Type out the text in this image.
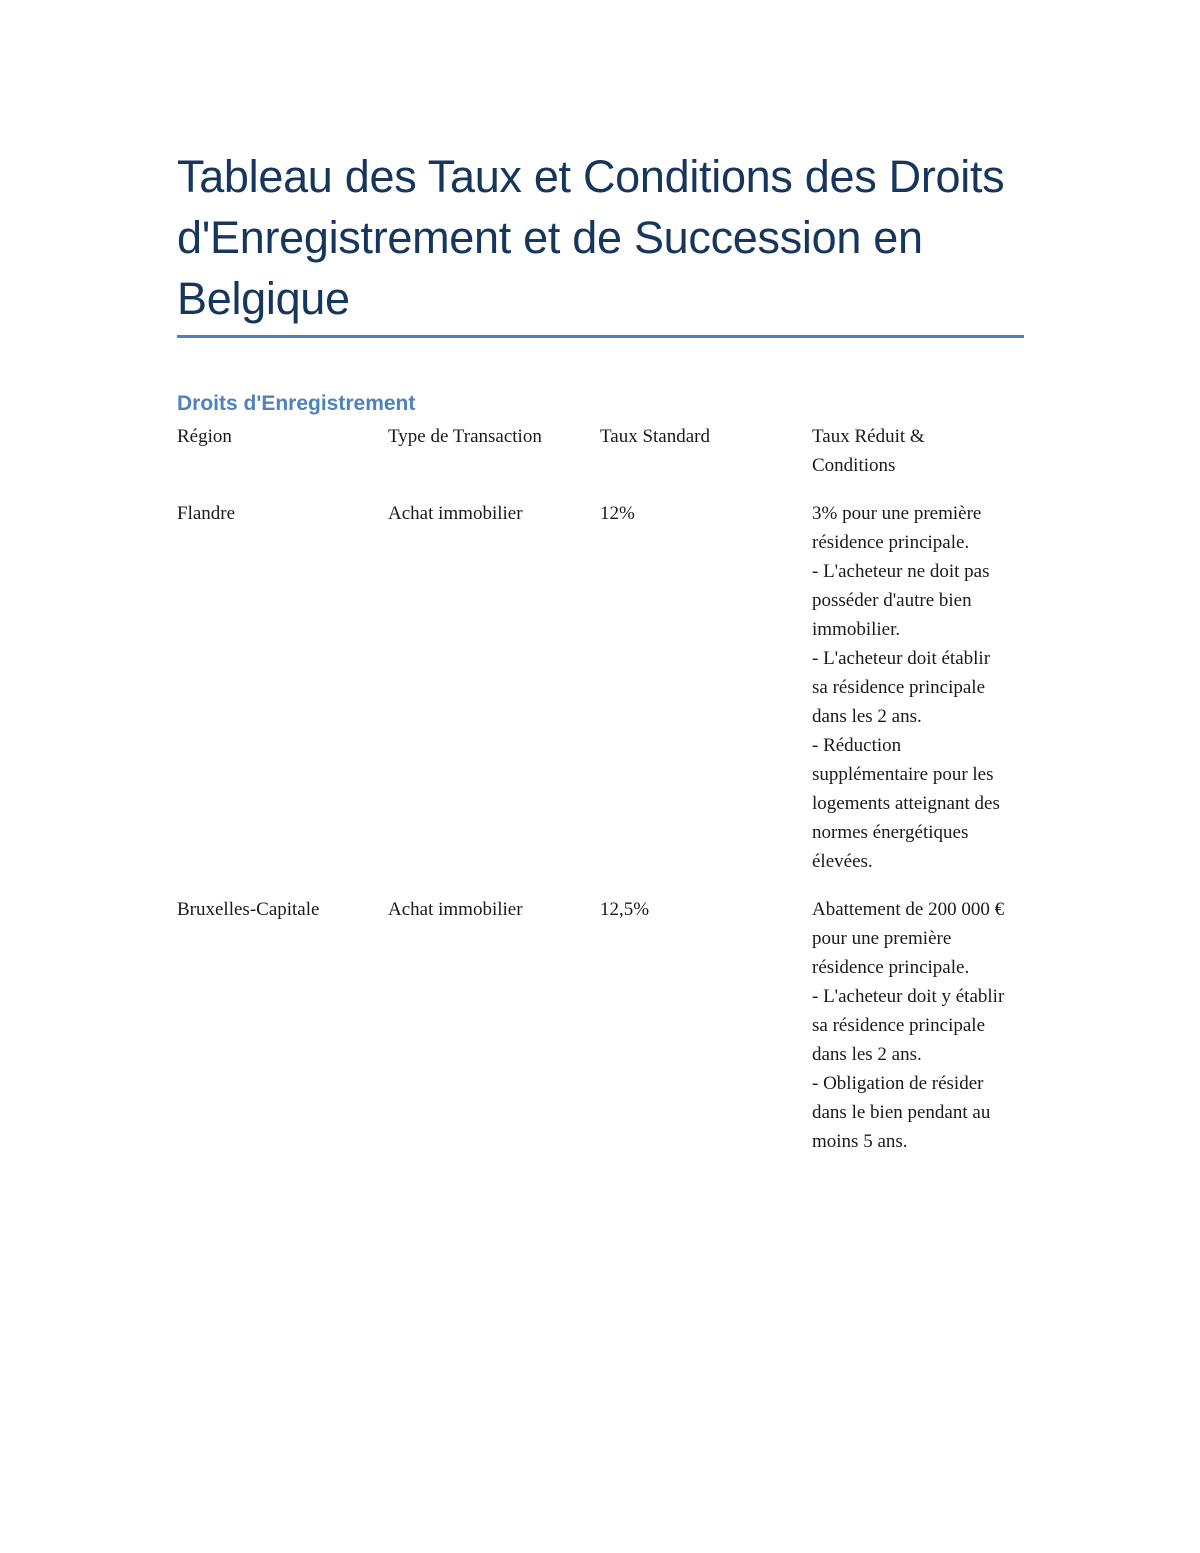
Tableau des Taux et Conditions des Droits d'Enregistrement et de Succession en Belgique
Droits d'Enregistrement
Région	Type de Transaction	Taux Standard	Taux Réduit & Conditions
Flandre	Achat immobilier	12%	3% pour une première résidence principale.
- L'acheteur ne doit pas posséder d'autre bien immobilier.
- L'acheteur doit établir sa résidence principale dans les 2 ans.
- Réduction supplémentaire pour les logements atteignant des normes énergétiques élevées.

Bruxelles-Capitale	Achat immobilier	12,5%	Abattement de 200 000 € pour une première résidence principale.
- L'acheteur doit y établir sa résidence principale dans les 2 ans.
- Obligation de résider dans le bien pendant au moins 5 ans.
